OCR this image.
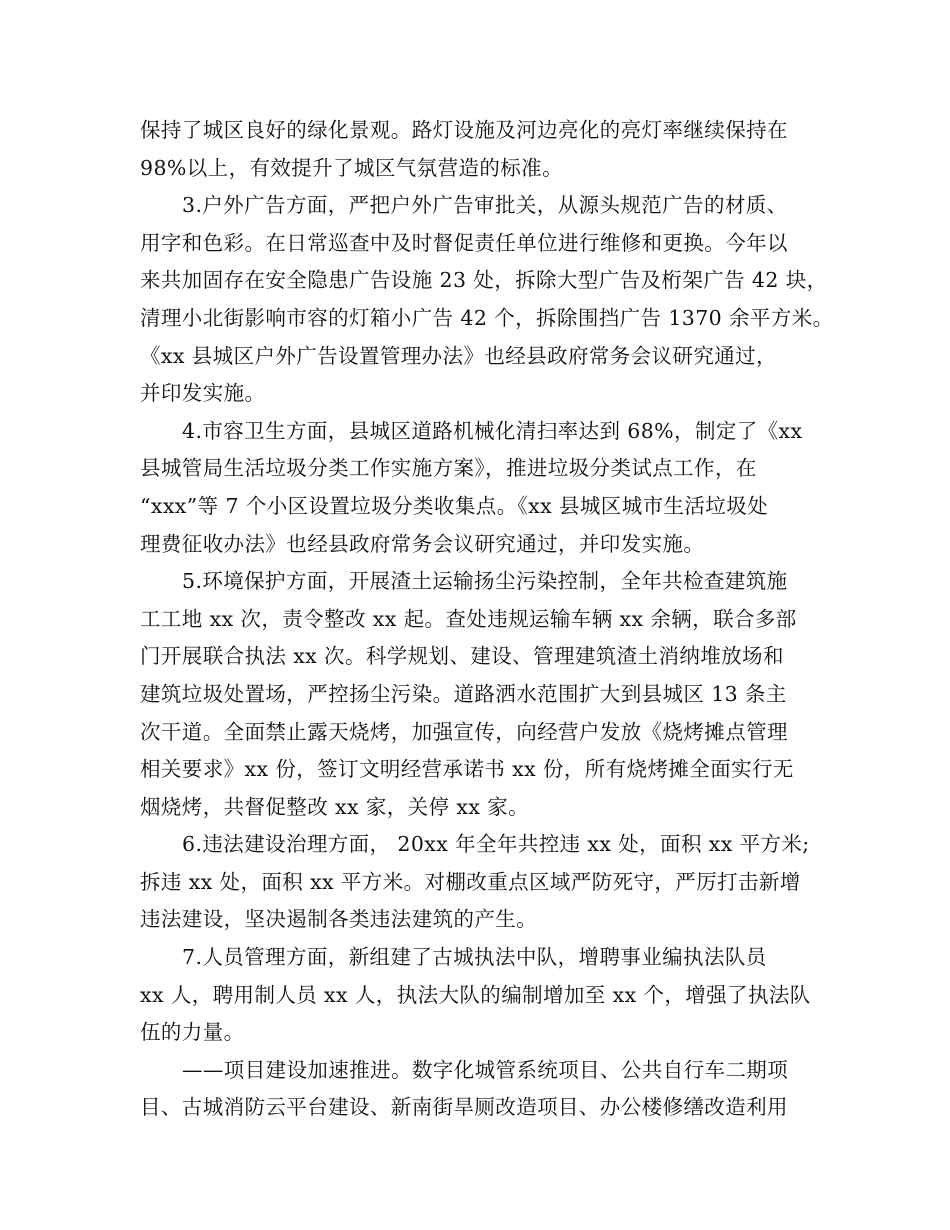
保持了城区良好的绿化景观。路灯设施及河边亮化的亮灯率继续保持在
98%以上，有效提升了城区气氛营造的标准。
3.户外广告方面，严把户外广告审批关，从源头规范广告的材质、
用字和色彩。在日常巡查中及时督促责任单位进行维修和更换。今年以
来共加固存在安全隐患广告设施 23 处，拆除大型广告及桁架广告 42 块，
清理小北街影响市容的灯箱小广告 42 个，拆除围挡广告 1370 余平方米。
《xx 县城区户外广告设置管理办法》也经县政府常务会议研究通过，
并印发实施。
4.市容卫生方面，县城区道路机械化清扫率达到 68%，制定了《xx
县城管局生活垃圾分类工作实施方案》，推进垃圾分类试点工作，在
“xxx”等 7 个小区设置垃圾分类收集点。《xx 县城区城市生活垃圾处
理费征收办法》也经县政府常务会议研究通过，并印发实施。
5.环境保护方面，开展渣土运输扬尘污染控制，全年共检查建筑施
工工地 xx 次，责令整改 xx 起。查处违规运输车辆 xx 余辆，联合多部
门开展联合执法 xx 次。科学规划、建设、管理建筑渣土消纳堆放场和
建筑垃圾处置场，严控扬尘污染。道路洒水范围扩大到县城区 13 条主
次干道。全面禁止露天烧烤，加强宣传，向经营户发放《烧烤摊点管理
相关要求》xx 份，签订文明经营承诺书 xx 份，所有烧烤摊全面实行无
烟烧烤，共督促整改 xx 家，关停 xx 家。
6.违法建设治理方面， 20xx 年全年共控违 xx 处，面积 xx 平方米;
拆违 xx 处，面积 xx 平方米。对棚改重点区域严防死守，严厉打击新增
违法建设，坚决遏制各类违法建筑的产生。
7.人员管理方面，新组建了古城执法中队，增聘事业编执法队员
xx 人，聘用制人员 xx 人，执法大队的编制增加至 xx 个，增强了执法队
伍的力量。
——项目建设加速推进。数字化城管系统项目、公共自行车二期项
目、古城消防云平台建设、新南街旱厕改造项目、办公楼修缮改造利用
